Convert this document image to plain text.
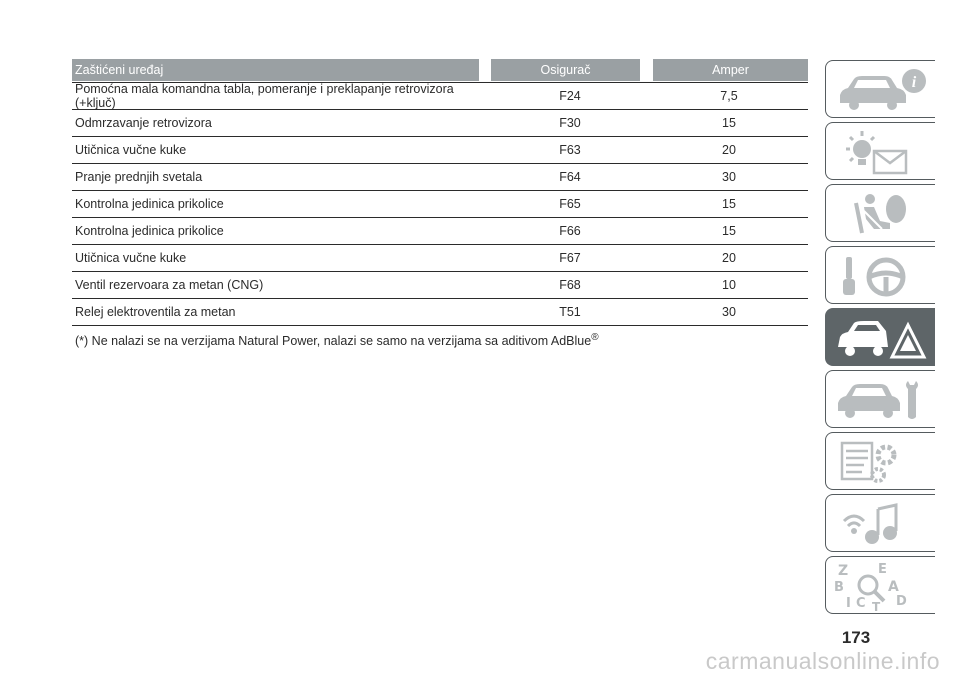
Zaštićeni uređaj	Osigurač	Amper
Pomoćna mala komandna tabla, pomeranje i preklapanje retrovizora (+ključ)	F24	7,5
Odmrzavanje retrovizora	F30	15
Utičnica vučne kuke	F63	20
Pranje prednjih svetala	F64	30
Kontrolna jedinica prikolice	F65	15
Kontrolna jedinica prikolice	F66	15
Utičnica vučne kuke	F67	20
Ventil rezervoara za metan (CNG)	F68	10
Relej elektroventila za metan	T51	30
(*) Ne nalazi se na verzijama Natural Power, nalazi se samo na verzijama sa aditivom AdBlue®
i
Z E
B	A
C T D
I
173
carmanualsonline.info
